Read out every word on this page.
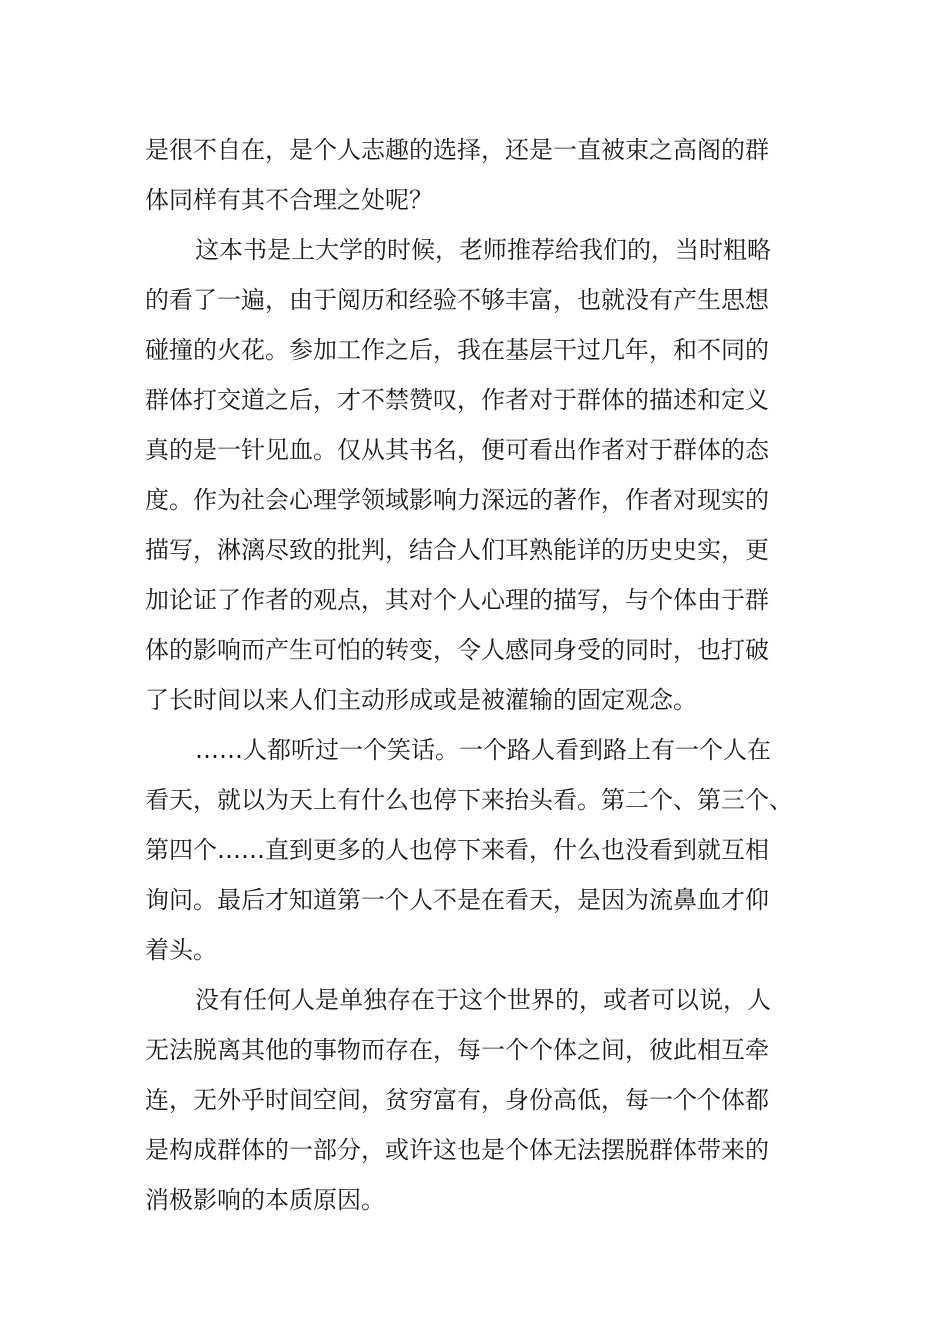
是很不自在，是个人志趣的选择，还是一直被束之高阁的群
体同样有其不合理之处呢？
这本书是上大学的时候，老师推荐给我们的，当时粗略
的看了一遍，由于阅历和经验不够丰富，也就没有产生思想
碰撞的火花。参加工作之后，我在基层干过几年，和不同的
群体打交道之后，才不禁赞叹，作者对于群体的描述和定义
真的是一针见血。仅从其书名，便可看出作者对于群体的态
度。作为社会心理学领域影响力深远的著作，作者对现实的
描写，淋漓尽致的批判，结合人们耳熟能详的历史史实，更
加论证了作者的观点，其对个人心理的描写，与个体由于群
体的影响而产生可怕的转变，令人感同身受的同时，也打破
了长时间以来人们主动形成或是被灌输的固定观念。
……人都听过一个笑话。一个路人看到路上有一个人在
看天，就以为天上有什么也停下来抬头看。第二个、第三个、
第四个……直到更多的人也停下来看，什么也没看到就互相
询问。最后才知道第一个人不是在看天，是因为流鼻血才仰
着头。
没有任何人是单独存在于这个世界的，或者可以说，人
无法脱离其他的事物而存在，每一个个体之间，彼此相互牵
连，无外乎时间空间，贫穷富有，身份高低，每一个个体都
是构成群体的一部分，或许这也是个体无法摆脱群体带来的
消极影响的本质原因。
